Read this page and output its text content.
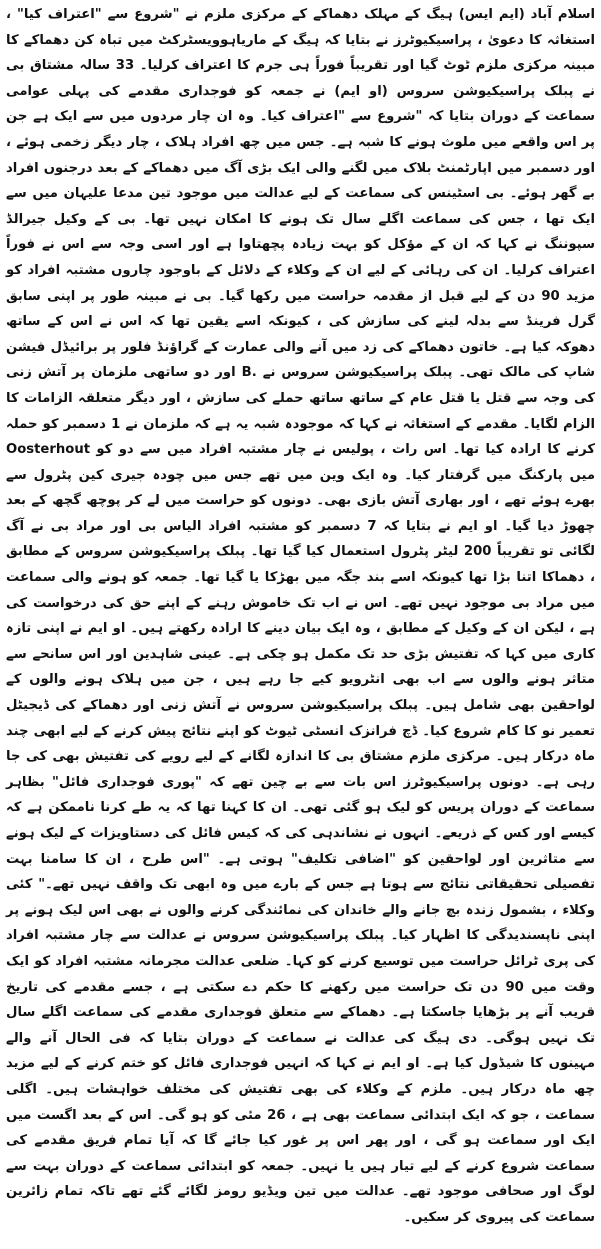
اسلام آباد (ایم ایس) ہیگ کے مہلک دھماکے کے مرکزی ملزم نے "شروع سے "اعتراف کیا" ، استغاثہ کا دعویٰ ، پراسیکیوٹرز نے بتایا کہ ہیگ کے ماریاہوویسٹرکٹ میں تباہ کن دھماکے کا مبینہ مرکزی ملزم ٹوٹ گیا اور تقریباً فوراً ہی جرم کا اعتراف کرلیا۔ 33 سالہ مشتاق بی نے پبلک پراسیکیوشن سروس (او ایم) نے جمعہ کو فوجداری مقدمے کی پہلی عوامی سماعت کے دوران بتایا کہ "شروع سے "اعتراف کیا۔ وہ ان چار مردوں میں سے ایک ہے جن پر اس واقعے میں ملوث ہونے کا شبہ ہے۔ جس میں چھ افراد ہلاک ، چار دیگر زخمی ہوئے ، اور دسمبر میں اپارٹمنٹ بلاک میں لگنے والی ایک بڑی آگ میں دھماکے کے بعد درجنوں افراد بے گھر ہوئے۔ بی اسٹینس کی سماعت کے لیے عدالت میں موجود تین مدعا علیہان میں سے ایک تھا ، جس کی سماعت اگلے سال تک ہونے کا امکان نہیں تھا۔ بی کے وکیل جیرالڈ سپوننگ نے کہا کہ ان کے مؤکل کو بہت زیادہ پچھتاوا ہے اور اسی وجہ سے اس نے فوراً اعتراف کرلیا۔ ان کی رہائی کے لیے ان کے وکلاء کے دلائل کے باوجود چاروں مشتبہ افراد کو مزید 90 دن کے لیے قبل از مقدمہ حراست میں رکھا گیا۔ بی نے مبینہ طور پر اپنی سابق گرل فرینڈ سے بدلہ لینے کی سازش کی ، کیونکہ اسے یقین تھا کہ اس نے اس کے ساتھ دھوکہ کیا ہے۔ خاتون دھماکے کی زد میں آنے والی عمارت کے گراؤنڈ فلور پر برائیڈل فیشن شاپ کی مالک تھی۔ پبلک پراسیکیوشن سروس نے .B اور دو ساتھی ملزمان پر آتش زنی کی وجہ سے قتل یا قتل عام کے ساتھ ساتھ حملے کی سازش ، اور دیگر متعلقہ الزامات کا الزام لگایا۔ مقدمے کے استغاثہ نے کہا کہ موجودہ شبہ یہ ہے کہ ملزمان نے 1 دسمبر کو حملہ کرنے کا ارادہ کیا تھا۔ اس رات ، پولیس نے چار مشتبہ افراد میں سے دو کو Oosterhout میں پارکنگ میں گرفتار کیا۔ وہ ایک وین میں تھے جس میں چودہ جیری کین پٹرول سے بھرے ہوئے تھے ، اور بھاری آتش بازی بھی۔ دونوں کو حراست میں لے کر پوچھ گچھ کے بعد چھوڑ دیا گیا۔ او ایم نے بتایا کہ 7 دسمبر کو مشتبہ افراد الیاس بی اور مراد بی نے آگ لگائی تو تقریباً 200 لیٹر پٹرول استعمال کیا گیا تھا۔ پبلک پراسیکیوشن سروس کے مطابق ، دھماکا اتنا بڑا تھا کیونکہ اسے بند جگہ میں بھڑکا یا گیا تھا۔ جمعہ کو ہونے والی سماعت میں مراد بی موجود نہیں تھے۔ اس نے اب تک خاموش رہنے کے اپنے حق کی درخواست کی ہے ، لیکن ان کے وکیل کے مطابق ، وہ ایک بیان دینے کا ارادہ رکھتے ہیں۔ او ایم نے اپنی تازہ کاری میں کہا کہ تفتیش بڑی حد تک مکمل ہو چکی ہے۔ عینی شاہدین اور اس سانحے سے متاثر ہونے والوں سے اب بھی انٹرویو کیے جا رہے ہیں ، جن میں ہلاک ہونے والوں کے لواحقین بھی شامل ہیں۔ پبلک پراسیکیوشن سروس نے آتش زنی اور دھماکے کی ڈیجیٹل تعمیر نو کا کام شروع کیا۔ ڈچ فرانزک انسٹی ٹیوٹ کو اپنے نتائج پیش کرنے کے لیے ابھی چند ماہ درکار ہیں۔ مرکزی ملزم مشتاق بی کا اندازہ لگانے کے لیے رویے کی تفتیش بھی کی جا رہی ہے۔ دونوں پراسیکیوٹرز اس بات سے بے چین تھے کہ "پوری فوجداری فائل" بظاہر سماعت کے دوران پریس کو لیک ہو گئی تھی۔ ان کا کہنا تھا کہ یہ طے کرنا ناممکن ہے کہ کیسے اور کس کے ذریعے۔ انہوں نے نشاندہی کی کہ کیس فائل کی دستاویزات کے لیک ہونے سے متاثرین اور لواحقین کو "اضافی تکلیف" ہوتی ہے۔ "اس طرح ، ان کا سامنا بہت تفصیلی تحقیقاتی نتائج سے ہوتا ہے جس کے بارے میں وہ ابھی تک واقف نہیں تھے۔" کئی وکلاء ، بشمول زندہ بچ جانے والے خاندان کی نمائندگی کرنے والوں نے بھی اس لیک ہونے پر اپنی ناپسندیدگی کا اظہار کیا۔ پبلک پراسیکیوشن سروس نے عدالت سے چار مشتبہ افراد کی پری ٹرائل حراست میں توسیع کرنے کو کہا۔ ضلعی عدالت مجرمانہ مشتبہ افراد کو ایک وقت میں 90 دن تک حراست میں رکھنے کا حکم دے سکتی ہے ، جسے مقدمے کی تاریخ قریب آنے پر بڑھایا جاسکتا ہے۔ دھماکے سے متعلق فوجداری مقدمے کی سماعت اگلے سال تک نہیں ہوگی۔ دی ہیگ کی عدالت نے سماعت کے دوران بتایا کہ فی الحال آنے والے مہینوں کا شیڈول کیا ہے۔ او ایم نے کہا کہ انہیں فوجداری فائل کو ختم کرنے کے لیے مزید چھ ماہ درکار ہیں۔ ملزم کے وکلاء کی بھی تفتیش کی مختلف خواہشات ہیں۔ اگلی سماعت ، جو کہ ایک ابتدائی سماعت بھی ہے ، 26 مئی کو ہو گی۔ اس کے بعد اگست میں ایک اور سماعت ہو گی ، اور پھر اس پر غور کیا جائے گا کہ آیا تمام فریق مقدمے کی سماعت شروع کرنے کے لیے تیار ہیں یا نہیں۔ جمعہ کو ابتدائی سماعت کے دوران بہت سے لوگ اور صحافی موجود تھے۔ عدالت میں تین ویڈیو رومز لگائے گئے تھے تاکہ تمام زائرین سماعت کی پیروی کر سکیں۔
